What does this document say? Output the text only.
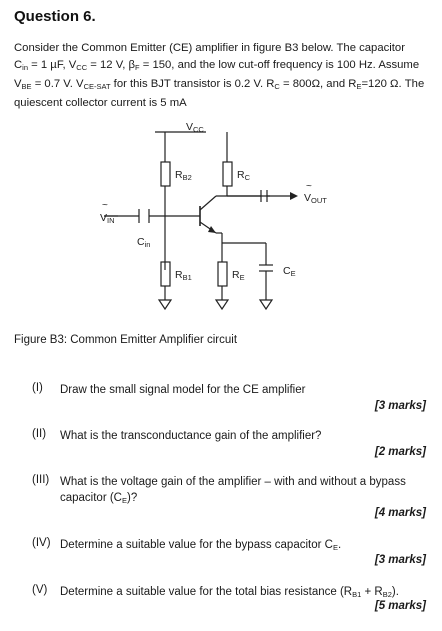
Question 6.
Consider the Common Emitter (CE) amplifier in figure B3 below. The capacitor
$C_{in} = 1$ µF, $V_{CC} = 12$ V, $\beta_F = 150$, and the low cut-off frequency is 100 Hz. Assume
$V_{BE} = 0.7$ V. $V_{CE-SAT}$ for this BJT transistor is 0.2 V. $R_C = 800\Omega$, and $R_E=120$ Ω. The
quiescent collector current is 5 mA
VCC
RB2	RC
RB1	RE
CE
Cin
VIN
~
VOUT
~
Figure B3: Common Emitter Amplifier circuit
(I) Draw the small signal model for the CE amplifier
[3 marks]
(II) What is the transconductance gain of the amplifier?
[2 marks]
(III) What is the voltage gain of the amplifier – with and without a bypass
capacitor $(C_E)$?
[4 marks]
(IV) Determine a suitable value for the bypass capacitor $C_E$.
[3 marks]
(V) Determine a suitable value for the total bias resistance $(R_{B1} + R_{B2})$.
[5 marks]
